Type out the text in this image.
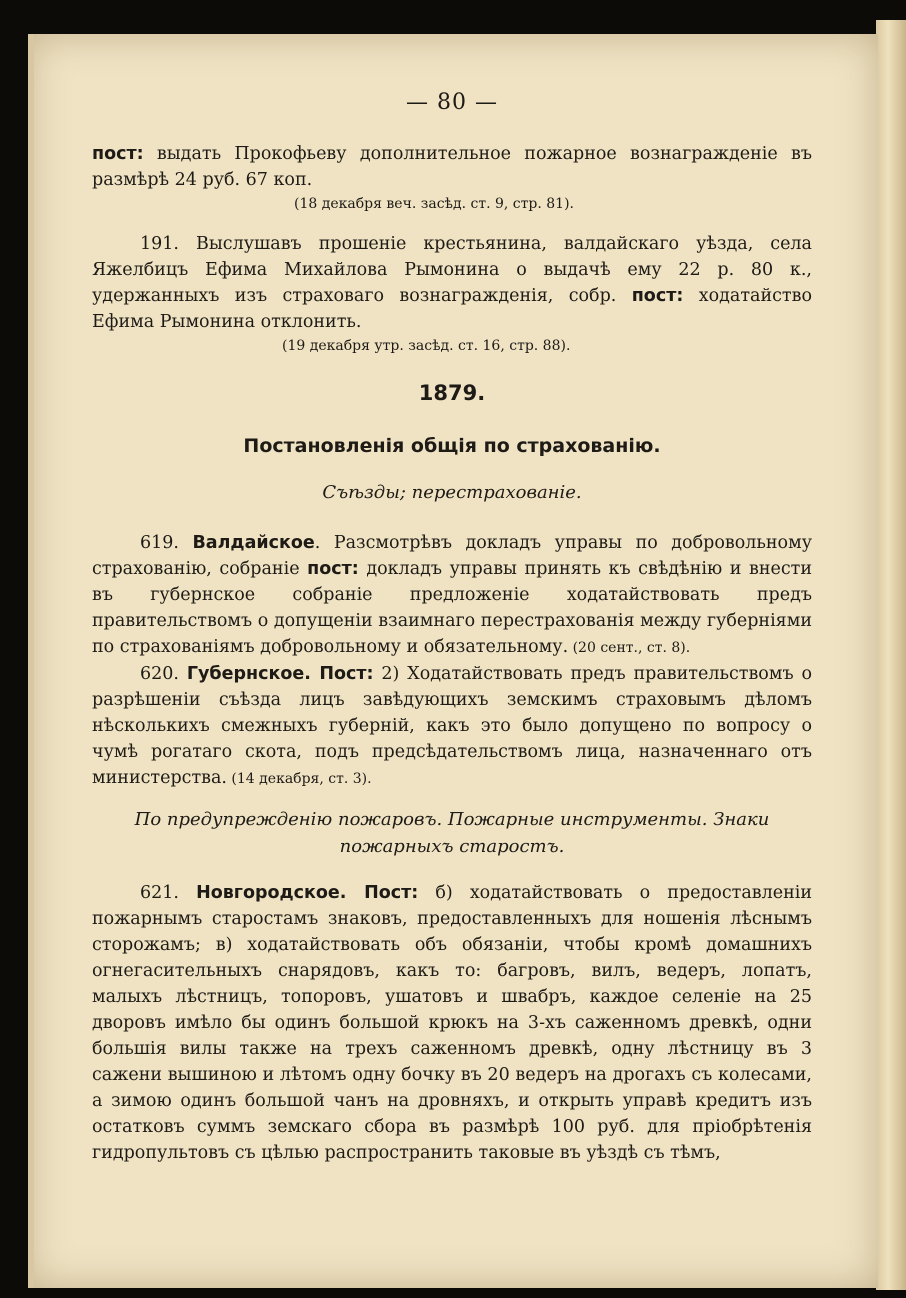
— 80 —

пост: выдать Прокофьеву дополнительное пожарное вознагражденіе въ размѣрѣ 24 руб. 67 коп.

(18 декабря веч. засѣд. ст. 9, стр. 81).

191. Выслушавъ прошеніе крестьянина, валдайскаго уѣзда, села Яжелбицъ Ефима Михайлова Рымонина о выдачѣ ему 22 р. 80 к., удержанныхъ изъ страховаго вознагражденія, собр. пост: ходатайство Ефима Рымонина отклонить.

(19 декабря утр. засѣд. ст. 16, стр. 88).
1879.
Постановленія общія по страхованію.
Съѣзды; перестрахованіе.

619. Валдайское. Разсмотрѣвъ докладъ управы по добровольному страхованію, собраніе пост: докладъ управы принять къ свѣдѣнію и внести въ губернское собраніе предложеніе ходатайствовать предъ правительствомъ о допущеніи взаимнаго перестрахованія между губерніями по страхованіямъ добровольному и обязательному. (20 сент., ст. 8).

620. Губернское. Пост: 2) Ходатайствовать предъ правительствомъ о разрѣшеніи съѣзда лицъ завѣдующихъ земскимъ страховымъ дѣломъ нѣсколькихъ смежныхъ губерній, какъ это было допущено по вопросу о чумѣ рогатаго скота, подъ предсѣдательствомъ лица, назначеннаго отъ министерства. (14 декабря, ст. 3).

По предупрежденію пожаровъ. Пожарные инструменты. Знаки пожарныхъ старостъ.

621. Новгородское. Пост: б) ходатайствовать о предоставленіи пожарнымъ старостамъ знаковъ, предоставленныхъ для ношенія лѣснымъ сторожамъ; в) ходатайствовать объ обязаніи, чтобы кромѣ домашнихъ огнегасительныхъ снарядовъ, какъ то: багровъ, вилъ, ведеръ, лопатъ, малыхъ лѣстницъ, топоровъ, ушатовъ и швабръ, каждое селеніе на 25 дворовъ имѣло бы одинъ большой крюкъ на 3-хъ саженномъ древкѣ, одни большія вилы также на трехъ саженномъ древкѣ, одну лѣстницу въ 3 сажени вышиною и лѣтомъ одну бочку въ 20 ведеръ на дрогахъ съ колесами, а зимою одинъ большой чанъ на дровняхъ, и открыть управѣ кредитъ изъ остатковъ суммъ земскаго сбора въ размѣрѣ 100 руб. для пріобрѣтенія гидропультовъ съ цѣлью распространить таковые въ уѣздѣ съ тѣмъ,
